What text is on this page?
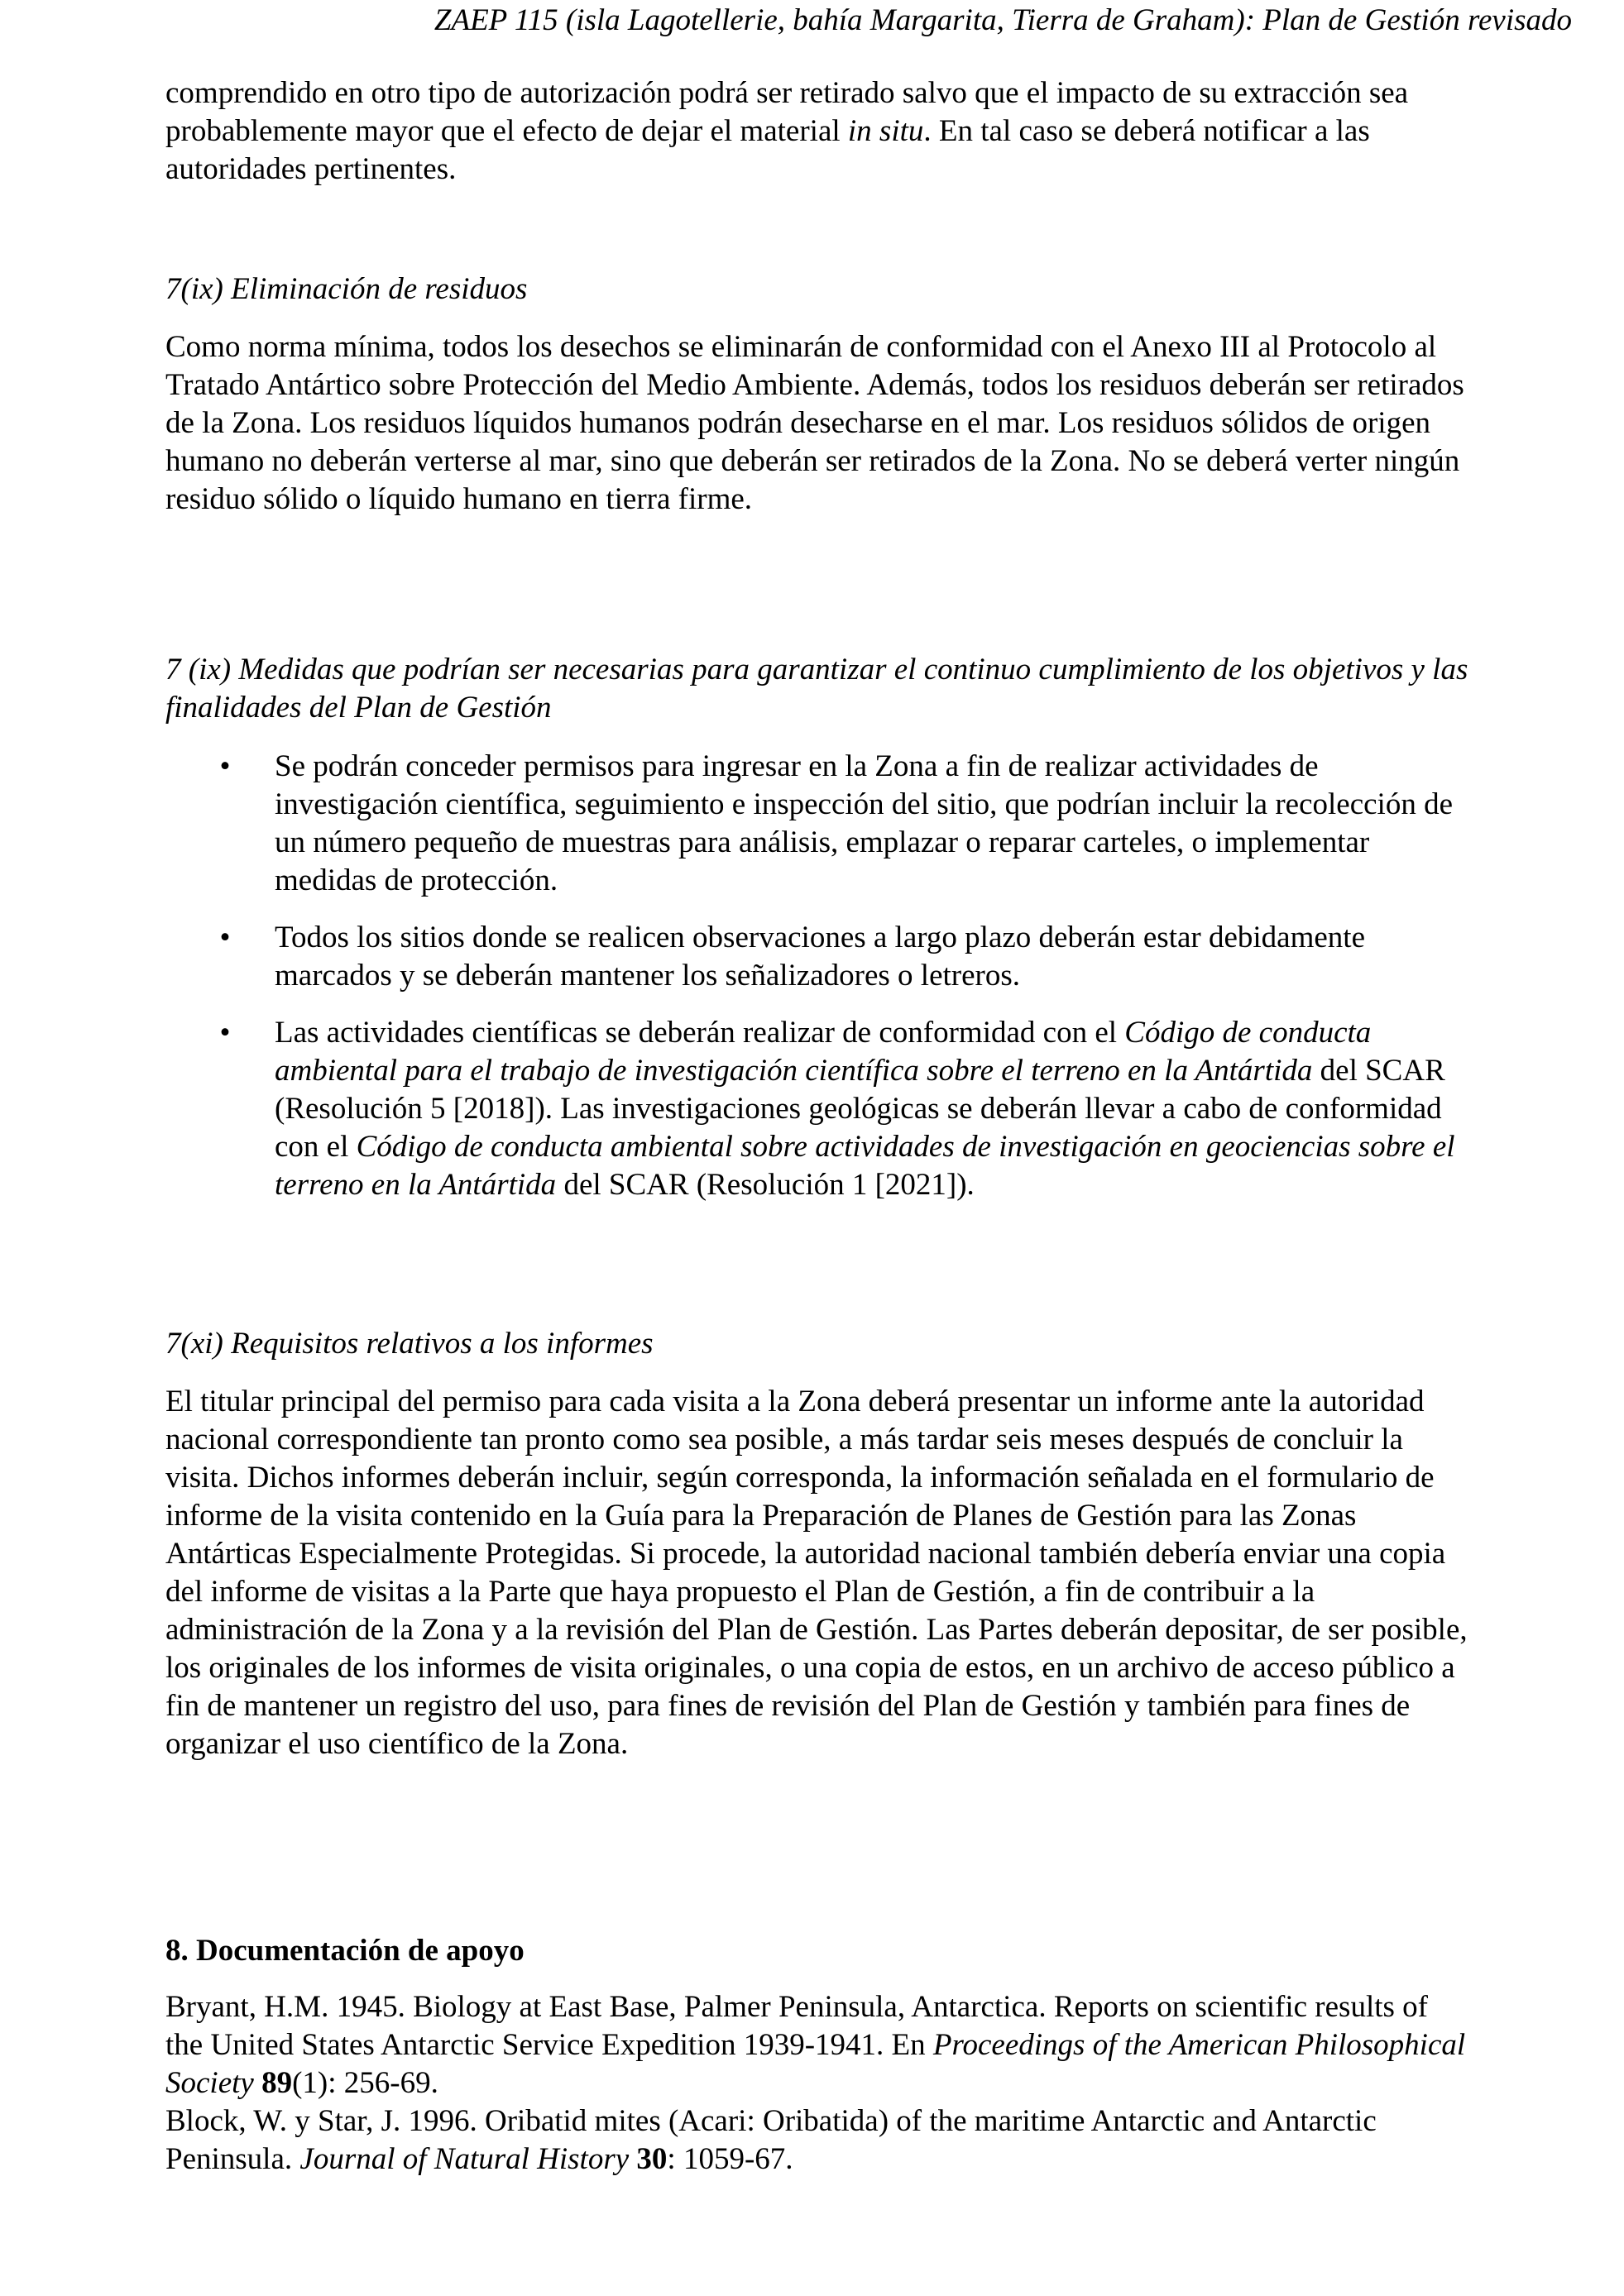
ZAEP 115 (isla Lagotellerie, bahía Margarita, Tierra de Graham): Plan de Gestión revisado

comprendido en otro tipo de autorización podrá ser retirado salvo que el impacto de su extracción sea probablemente mayor que el efecto de dejar el material in situ. En tal caso se deberá notificar a las autoridades pertinentes.

7(ix) Eliminación de residuos

Como norma mínima, todos los desechos se eliminarán de conformidad con el Anexo III al Protocolo al Tratado Antártico sobre Protección del Medio Ambiente. Además, todos los residuos deberán ser retirados de la Zona. Los residuos líquidos humanos podrán desecharse en el mar. Los residuos sólidos de origen humano no deberán verterse al mar, sino que deberán ser retirados de la Zona. No se deberá verter ningún residuo sólido o líquido humano en tierra firme.

7 (ix) Medidas que podrían ser necesarias para garantizar el continuo cumplimiento de los objetivos y las finalidades del Plan de Gestión
• Se podrán conceder permisos para ingresar en la Zona a fin de realizar actividades de investigación científica, seguimiento e inspección del sitio, que podrían incluir la recolección de un número pequeño de muestras para análisis, emplazar o reparar carteles, o implementar medidas de protección.
• Todos los sitios donde se realicen observaciones a largo plazo deberán estar debidamente marcados y se deberán mantener los señalizadores o letreros.
• Las actividades científicas se deberán realizar de conformidad con el Código de conducta ambiental para el trabajo de investigación científica sobre el terreno en la Antártida del SCAR (Resolución 5 [2018]). Las investigaciones geológicas se deberán llevar a cabo de conformidad con el Código de conducta ambiental sobre actividades de investigación en geociencias sobre el terreno en la Antártida del SCAR (Resolución 1 [2021]).
7(xi) Requisitos relativos a los informes

El titular principal del permiso para cada visita a la Zona deberá presentar un informe ante la autoridad nacional correspondiente tan pronto como sea posible, a más tardar seis meses después de concluir la visita. Dichos informes deberán incluir, según corresponda, la información señalada en el formulario de informe de la visita contenido en la Guía para la Preparación de Planes de Gestión para las Zonas Antárticas Especialmente Protegidas. Si procede, la autoridad nacional también debería enviar una copia del informe de visitas a la Parte que haya propuesto el Plan de Gestión, a fin de contribuir a la administración de la Zona y a la revisión del Plan de Gestión. Las Partes deberán depositar, de ser posible, los originales de los informes de visita originales, o una copia de estos, en un archivo de acceso público a fin de mantener un registro del uso, para fines de revisión del Plan de Gestión y también para fines de organizar el uso científico de la Zona.

8. Documentación de apoyo

Bryant, H.M. 1945. Biology at East Base, Palmer Peninsula, Antarctica. Reports on scientific results of the United States Antarctic Service Expedition 1939-1941. En Proceedings of the American Philosophical Society 89(1): 256-69.

Block, W. y Star, J. 1996. Oribatid mites (Acari: Oribatida) of the maritime Antarctic and Antarctic Peninsula. Journal of Natural History 30: 1059-67.
